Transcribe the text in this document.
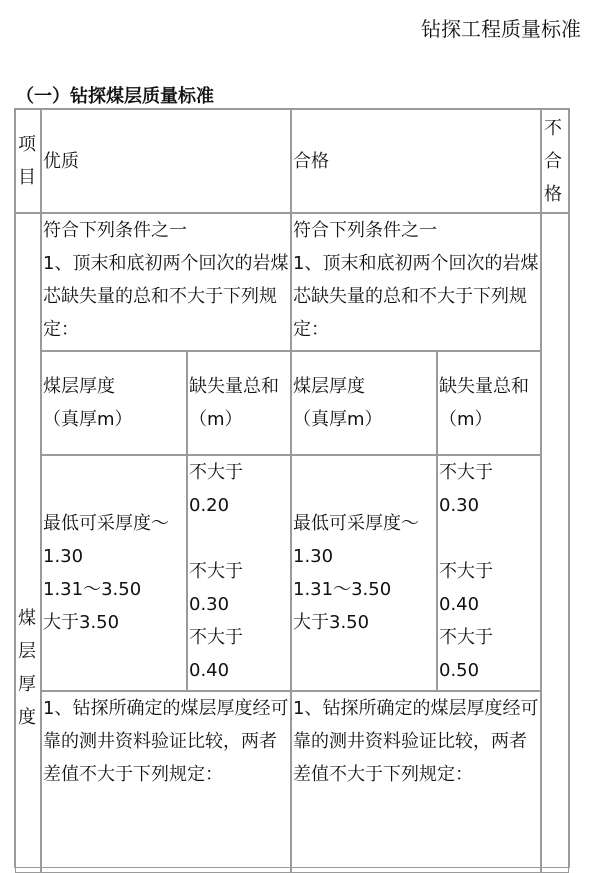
钻探工程质量标准
（一）钻探煤层质量标准
项目
优质	合格
不合格
煤层厚度
符合下列条件之一
1、顶末和底初两个回次的岩煤芯缺失量的总和不大于下列规定：
煤层厚度
（真厚m）
缺失量总和
（m）
最低可采厚度～1.30
1.31～3.50
大于3.50
不大于
0.20

不大于
0.30
不大于
0.40
1、钻探所确定的煤层厚度经可靠的测井资料验证比较，两者差值不大于下列规定：
符合下列条件之一
1、顶末和底初两个回次的岩煤芯缺失量的总和不大于下列规定：
煤层厚度
（真厚m）
缺失量总和
（m）
最低可采厚度～1.30
1.31～3.50
大于3.50
不大于
0.30

不大于
0.40
不大于
0.50
1、钻探所确定的煤层厚度经可靠的测井资料验证比较，两者差值不大于下列规定：
